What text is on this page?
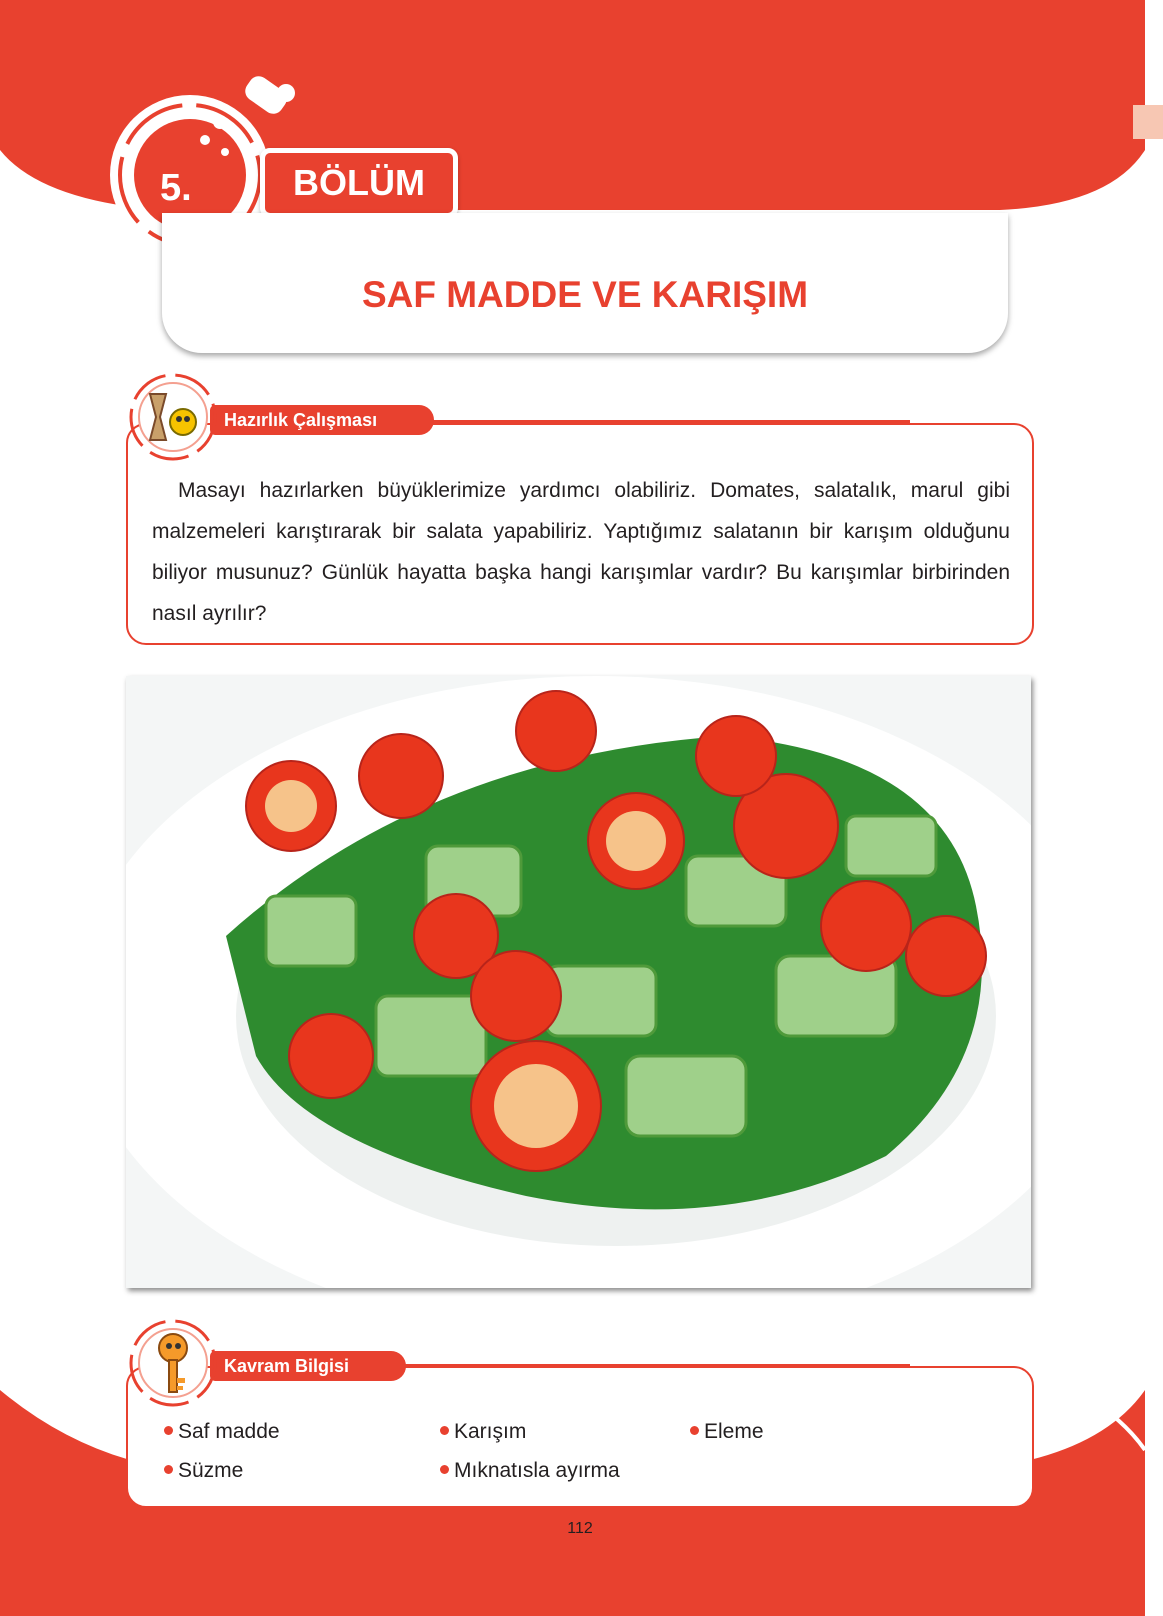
5.	BÖLÜM
SAF MADDE VE KARIŞIM
Hazırlık Çalışması

Masayı hazırlarken büyüklerimize yardımcı olabiliriz. Domates, salatalık, marul gibi malzemeleri karıştırarak bir salata yapabiliriz. Yaptığımız salatanın bir karışım olduğunu biliyor musunuz? Günlük hayatta başka hangi karışımlar vardır? Bu karışımlar birbirinden nasıl ayrılır?

Kavram Bilgisi
Saf madde	Karışım	Eleme
Süzme	Mıknatısla ayırma
112
